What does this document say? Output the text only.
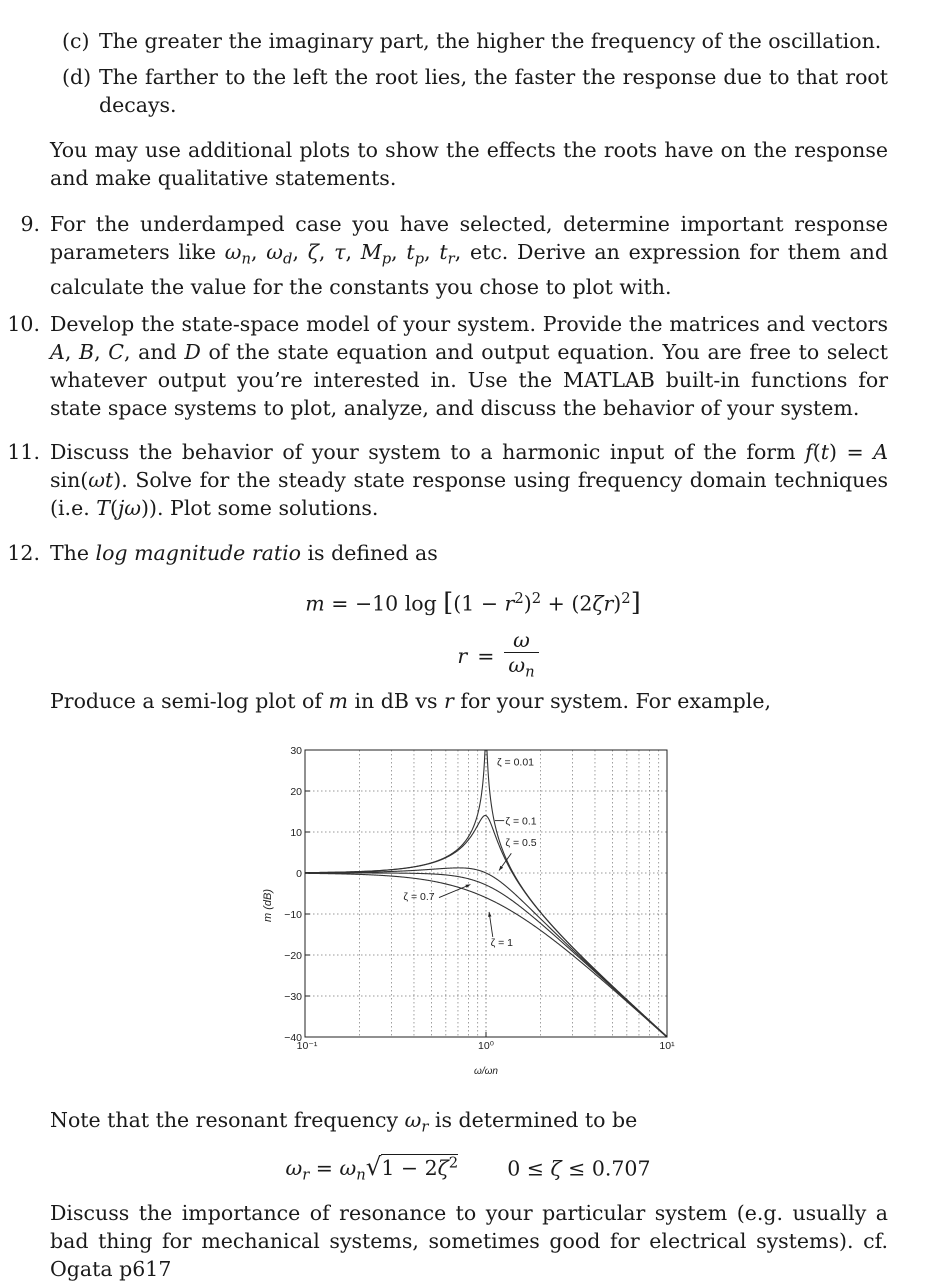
(c) The greater the imaginary part, the higher the frequency of the oscillation.
(d) The farther to the left the root lies, the faster the response due to that root decays.
You may use additional plots to show the effects the roots have on the response and make qualitative statements.
9. For the underdamped case you have selected, determine important response parameters like $\omega_n$, $\omega_d$, ζ, τ, $M_p$, $t_p$, $t_r$, etc. Derive an expression for them and calculate the value for the constants you chose to plot with.
10. Develop the state-space model of your system. Provide the matrices and vectors A, B, C, and D of the state equation and output equation. You are free to select whatever output you’re interested in. Use the MATLAB built-in functions for state space systems to plot, analyze, and discuss the behavior of your system.
11. Discuss the behavior of your system to a harmonic input of the form f(t) = A sin(ωt). Solve for the steady state response using frequency domain techniques (i.e. T(jω)). Plot some solutions.
12. The log magnitude ratio is defined as
m = −10 $\log [(1 - r^2)^2 + (2\zeta r)^2]$
$r = \frac{\omega}{\omega_n}$
Produce a semi-log plot of m in dB vs r for your system. For example,
30
20
10
0
−10
−20
−30
−40
10⁻¹	10⁰	10¹
m (dB)
ω/ωn
ζ = 0.01
ζ = 0.1
ζ = 0.5
ζ = 0.7
ζ = 1
Note that the resonant frequency $\omega_r$ is determined to be
$\omega_r = \omega_n√1 - 2\zeta^2$ 0 ≤ ζ ≤ 0.707
Discuss the importance of resonance to your particular system (e.g. usually a bad thing for mechanical systems, sometimes good for electrical systems). cf. Ogata p617
